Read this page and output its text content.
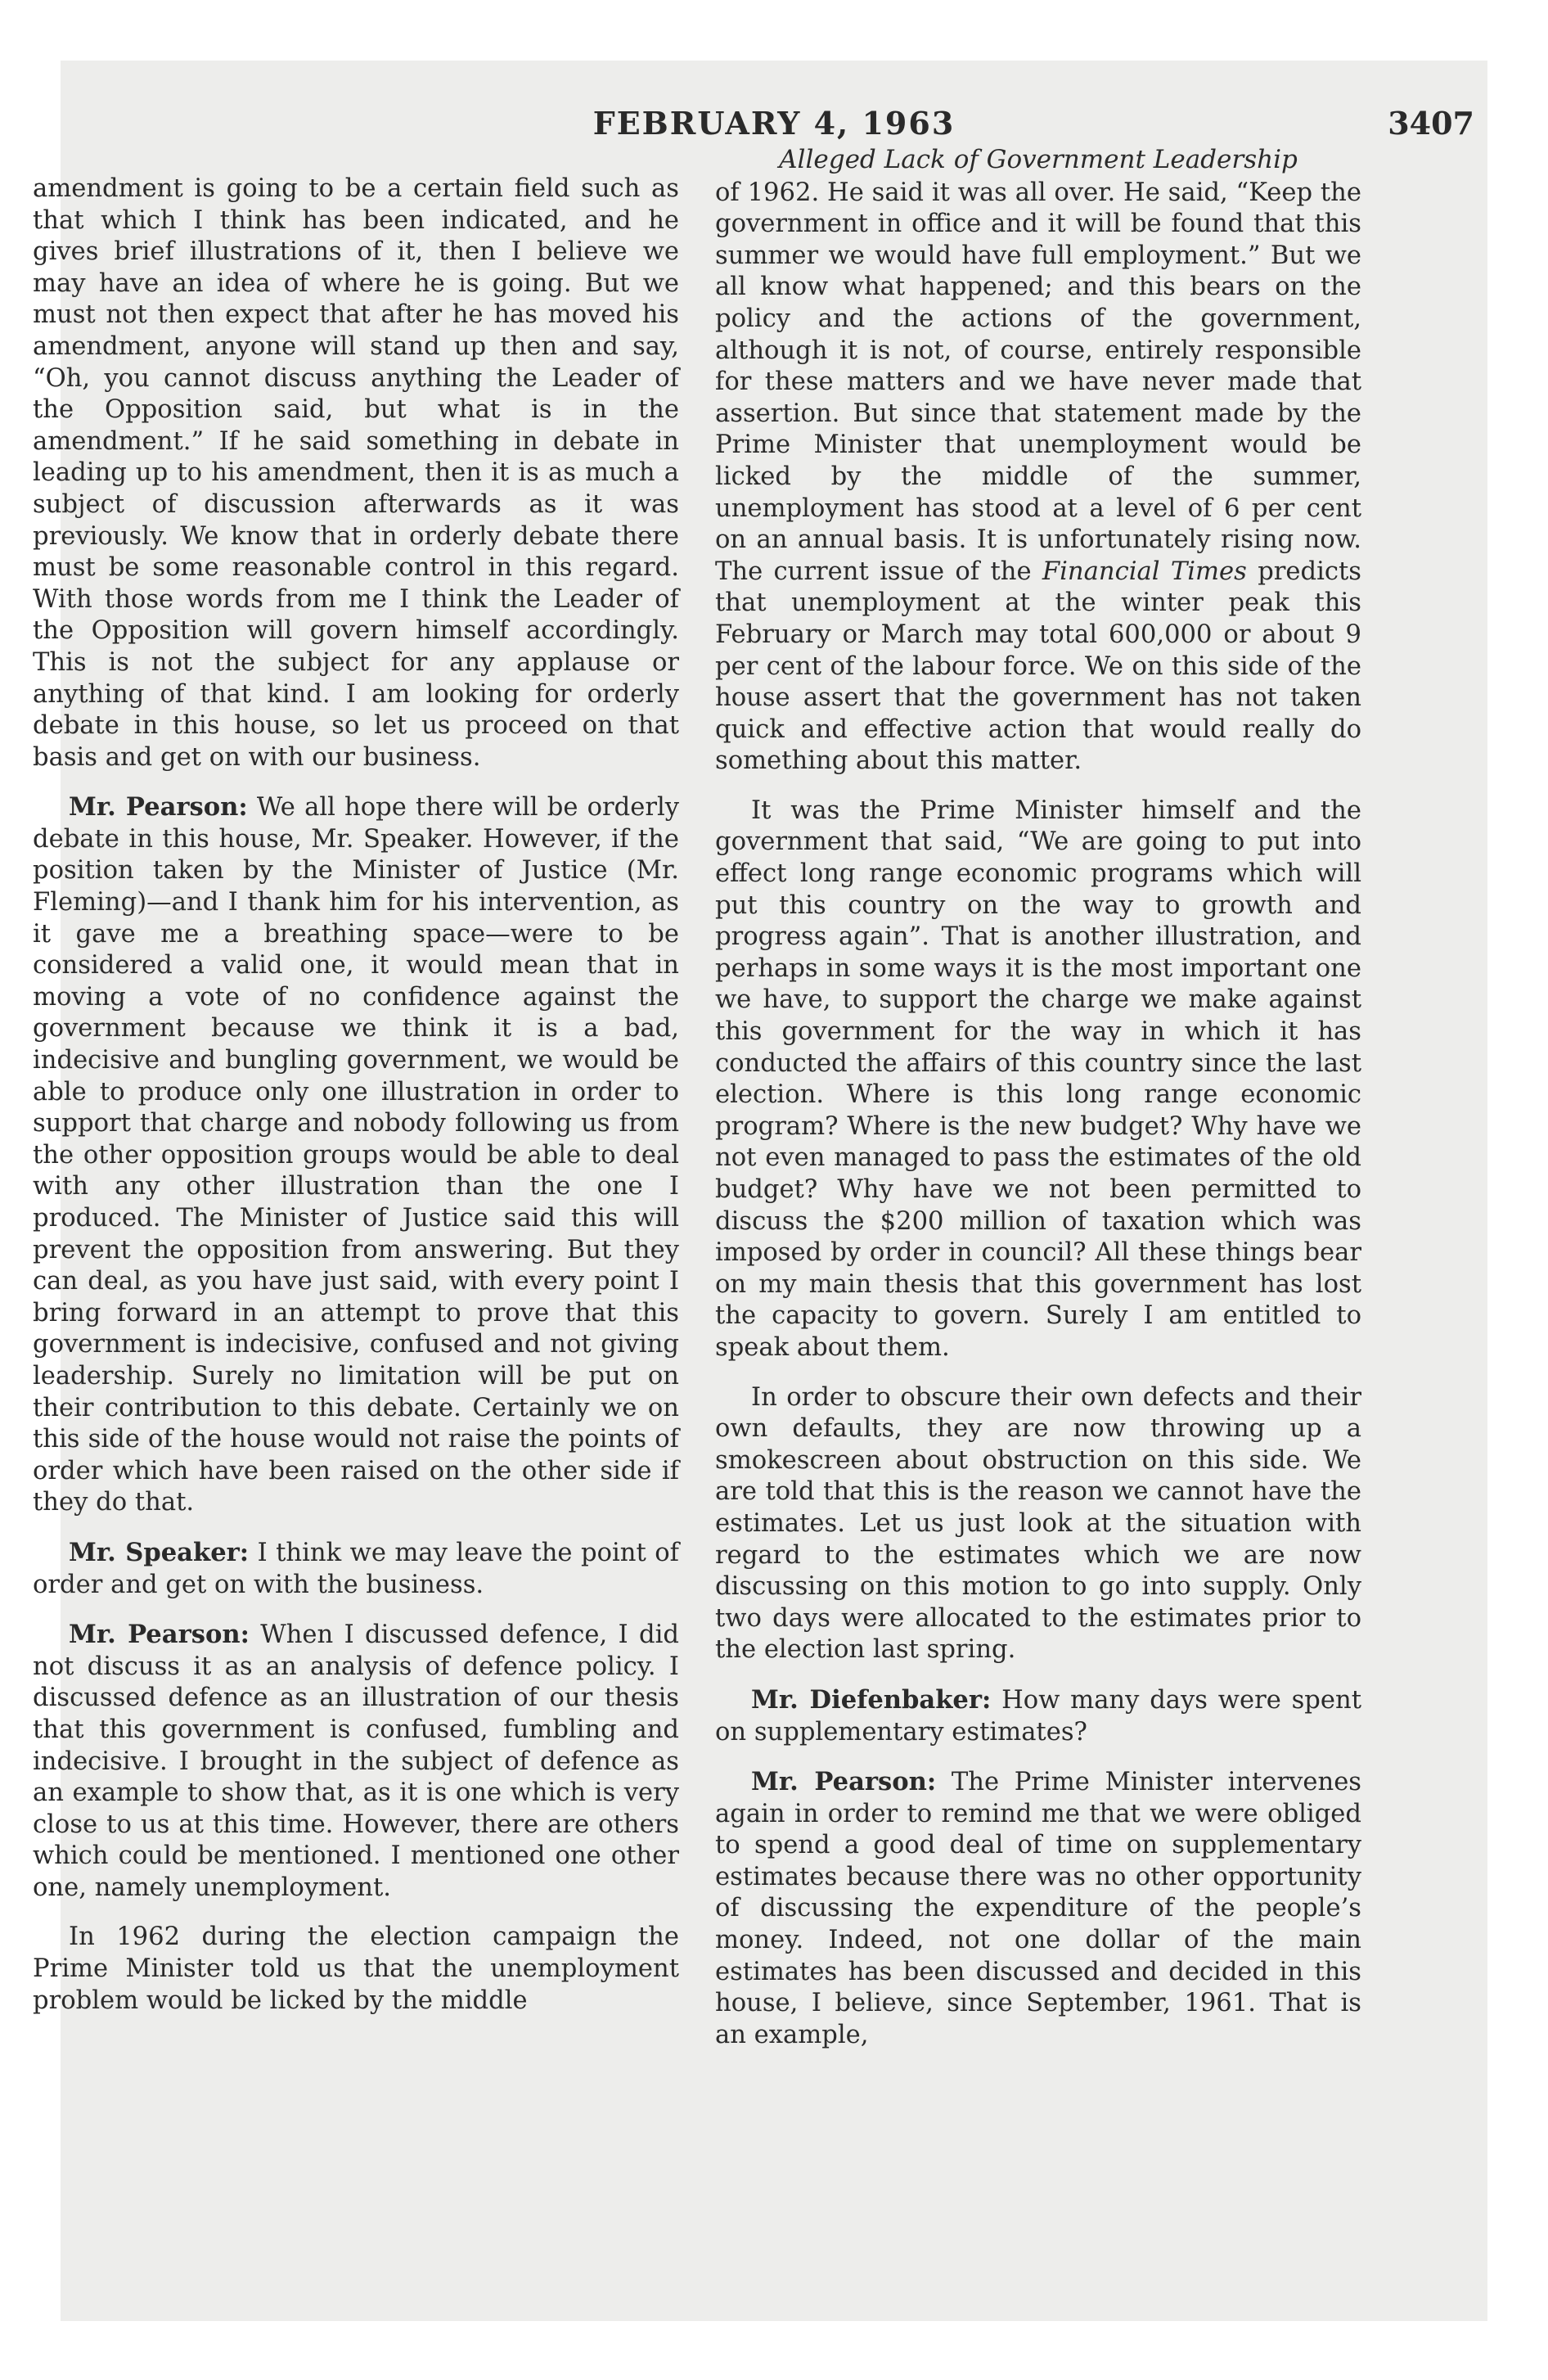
FEBRUARY 4, 1963	3407

amendment is going to be a certain field such as that which I think has been indicated, and he gives brief illustrations of it, then I believe we may have an idea of where he is going. But we must not then expect that after he has moved his amendment, anyone will stand up then and say, “Oh, you cannot discuss anything the Leader of the Opposition said, but what is in the amendment.” If he said something in debate in leading up to his amendment, then it is as much a subject of discussion afterwards as it was previously. We know that in orderly debate there must be some reasonable control in this regard. With those words from me I think the Leader of the Opposition will govern himself accordingly. This is not the subject for any applause or anything of that kind. I am looking for orderly debate in this house, so let us proceed on that basis and get on with our business.

Mr. Pearson: We all hope there will be orderly debate in this house, Mr. Speaker. However, if the position taken by the Minister of Justice (Mr. Fleming)—and I thank him for his intervention, as it gave me a breathing space—were to be considered a valid one, it would mean that in moving a vote of no confidence against the government because we think it is a bad, indecisive and bungling government, we would be able to produce only one illustration in order to support that charge and nobody following us from the other opposition groups would be able to deal with any other illustration than the one I produced. The Minister of Justice said this will prevent the opposition from answering. But they can deal, as you have just said, with every point I bring forward in an attempt to prove that this government is indecisive, confused and not giving leadership. Surely no limitation will be put on their contribution to this debate. Certainly we on this side of the house would not raise the points of order which have been raised on the other side if they do that.

Mr. Speaker: I think we may leave the point of order and get on with the business.

Mr. Pearson: When I discussed defence, I did not discuss it as an analysis of defence policy. I discussed defence as an illustration of our thesis that this government is confused, fumbling and indecisive. I brought in the subject of defence as an example to show that, as it is one which is very close to us at this time. However, there are others which could be mentioned. I mentioned one other one, namely unemployment.

In 1962 during the election campaign the Prime Minister told us that the unemployment problem would be licked by the middle

Alleged Lack of Government Leadership

of 1962. He said it was all over. He said, “Keep the government in office and it will be found that this summer we would have full employment.” But we all know what happened; and this bears on the policy and the actions of the government, although it is not, of course, entirely responsible for these matters and we have never made that assertion. But since that statement made by the Prime Minister that unemployment would be licked by the middle of the summer, unemployment has stood at a level of 6 per cent on an annual basis. It is unfortunately rising now. The current issue of the Financial Times predicts that unemployment at the winter peak this February or March may total 600,000 or about 9 per cent of the labour force. We on this side of the house assert that the government has not taken quick and effective action that would really do something about this matter.

It was the Prime Minister himself and the government that said, “We are going to put into effect long range economic programs which will put this country on the way to growth and progress again”. That is another illustration, and perhaps in some ways it is the most important one we have, to support the charge we make against this government for the way in which it has conducted the affairs of this country since the last election. Where is this long range economic program? Where is the new budget? Why have we not even managed to pass the estimates of the old budget? Why have we not been permitted to discuss the $200 million of taxation which was imposed by order in council? All these things bear on my main thesis that this government has lost the capacity to govern. Surely I am entitled to speak about them.

In order to obscure their own defects and their own defaults, they are now throwing up a smokescreen about obstruction on this side. We are told that this is the reason we cannot have the estimates. Let us just look at the situation with regard to the estimates which we are now discussing on this motion to go into supply. Only two days were allocated to the estimates prior to the election last spring.

Mr. Diefenbaker: How many days were spent on supplementary estimates?

Mr. Pearson: The Prime Minister intervenes again in order to remind me that we were obliged to spend a good deal of time on supplementary estimates because there was no other opportunity of discussing the expenditure of the people’s money. Indeed, not one dollar of the main estimates has been discussed and decided in this house, I believe, since September, 1961. That is an example,
